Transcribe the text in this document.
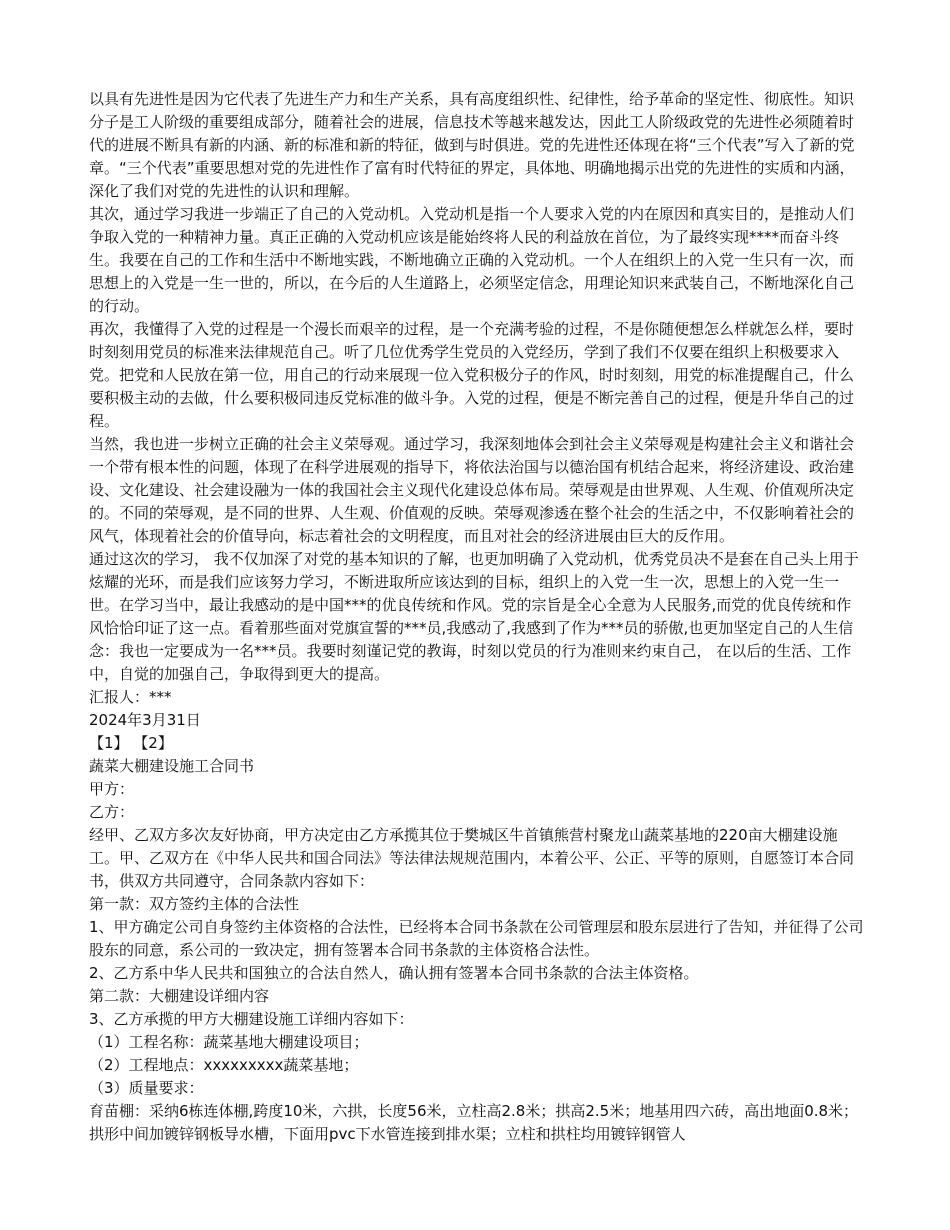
以具有先进性是因为它代表了先进生产力和生产关系，具有高度组织性、纪律性，给予革命的坚定性、彻底性。知识分子是工人阶级的重要组成部分，随着社会的进展，信息技术等越来越发达，因此工人阶级政党的先进性必须随着时代的进展不断具有新的内涵、新的标准和新的特征，做到与时俱进。党的先进性还体现在将“三个代表”写入了新的党章。“三个代表”重要思想对党的先进性作了富有时代特征的界定，具体地、明确地揭示出党的先进性的实质和内涵，深化了我们对党的先进性的认识和理解。

其次，通过学习我进一步端正了自己的入党动机。入党动机是指一个人要求入党的内在原因和真实目的，是推动人们争取入党的一种精神力量。真正正确的入党动机应该是能始终将人民的利益放在首位，为了最终实现****而奋斗终生。我要在自己的工作和生活中不断地实践，不断地确立正确的入党动机。一个人在组织上的入党一生只有一次，而思想上的入党是一生一世的，所以，在今后的人生道路上，必须坚定信念，用理论知识来武装自己，不断地深化自己的行动。

再次，我懂得了入党的过程是一个漫长而艰辛的过程，是一个充满考验的过程，不是你随便想怎么样就怎么样，要时时刻刻用党员的标准来法律规范自己。听了几位优秀学生党员的入党经历，学到了我们不仅要在组织上积极要求入党。把党和人民放在第一位，用自己的行动来展现一位入党积极分子的作风，时时刻刻，用党的标准提醒自己，什么要积极主动的去做，什么要积极同违反党标准的做斗争。入党的过程，便是不断完善自己的过程，便是升华自己的过程。

当然，我也进一步树立正确的社会主义荣辱观。通过学习，我深刻地体会到社会主义荣辱观是构建社会主义和谐社会一个带有根本性的问题，体现了在科学进展观的指导下，将依法治国与以德治国有机结合起来，将经济建设、政治建设、文化建设、社会建设融为一体的我国社会主义现代化建设总体布局。荣辱观是由世界观、人生观、价值观所决定的。不同的荣辱观，是不同的世界、人生观、价值观的反映。荣辱观渗透在整个社会的生活之中，不仅影响着社会的风气，体现着社会的价值导向，标志着社会的文明程度，而且对社会的经济进展由巨大的反作用。

通过这次的学习， 我不仅加深了对党的基本知识的了解，也更加明确了入党动机，优秀党员决不是套在自己头上用于炫耀的光环，而是我们应该努力学习，不断进取所应该达到的目标，组织上的入党一生一次，思想上的入党一生一世。在学习当中，最让我感动的是中国***的优良传统和作风。党的宗旨是全心全意为人民服务,而党的优良传统和作风恰恰印证了这一点。看着那些面对党旗宣誓的***员,我感动了,我感到了作为***员的骄傲,也更加坚定自己的人生信念：我也一定要成为一名***员。我要时刻谨记党的教诲，时刻以党员的行为准则来约束自己， 在以后的生活、工作中，自觉的加强自己，争取得到更大的提高。

汇报人：***

2024年3月31日

【1】 【2】

蔬菜大棚建设施工合同书

甲方：

乙方：

经甲、乙双方多次友好协商，甲方决定由乙方承揽其位于樊城区牛首镇熊营村聚龙山蔬菜基地的220亩大棚建设施工。甲、乙双方在《中华人民共和国合同法》等法律法规规范围内，本着公平、公正、平等的原则，自愿签订本合同书，供双方共同遵守，合同条款内容如下：

第一款：双方签约主体的合法性

1、甲方确定公司自身签约主体资格的合法性，已经将本合同书条款在公司管理层和股东层进行了告知，并征得了公司股东的同意，系公司的一致决定，拥有签署本合同书条款的主体资格合法性。

2、乙方系中华人民共和国独立的合法自然人，确认拥有签署本合同书条款的合法主体资格。

第二款：大棚建设详细内容

3、乙方承揽的甲方大棚建设施工详细内容如下：

（1）工程名称：蔬菜基地大棚建设项目；

（2）工程地点：xxxxxxxxx蔬菜基地；

（3）质量要求：

育苗棚：采纳6栋连体棚,跨度10米，六拱，长度56米，立柱高2.8米；拱高2.5米；地基用四六砖，高出地面0.8米；拱形中间加镀锌钢板导水槽，下面用pvc下水管连接到排水渠；立柱和拱柱均用镀锌钢管人
